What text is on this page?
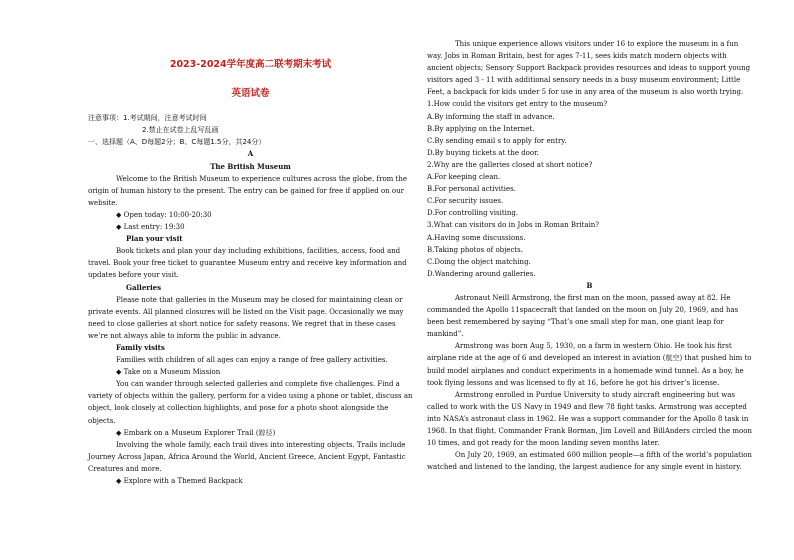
2023-2024学年度高二联考期末考试

英语试卷

注意事项：1.考试期间，注意考试时间

2.禁止在试卷上乱写乱画

一、选择题（A、D每题2分；B、C每题1.5分，共24分）

A

The British Museum

Welcome to the British Museum to experience cultures across the globe, from the origin of human history to the present. The entry can be gained for free if applied on our website.

◆ Open today: 10:00-20:30

◆ Last entry: 19:30

Plan your visit

Book tickets and plan your day including exhibitions, facilities, access, food and travel. Book your free ticket to guarantee Museum entry and receive key information and updates before your visit.

Galleries

Please note that galleries in the Museum may be closed for maintaining clean or private events. All planned closures will be listed on the Visit page. Occasionally we may need to close galleries at short notice for safety reasons. We regret that in these cases we’re not always able to inform the public in advance.

Family visits

Families with children of all ages can enjoy a range of free gallery activities.

◆ Take on a Museum Mission

You can wander through selected galleries and complete five challenges. Find a variety of objects within the gallery, perform for a video using a phone or tablet, discuss an object, look closely at collection highlights, and pose for a photo shoot alongside the objects.

◆ Embark on a Museum Explorer Trail (踪径)

Involving the whole family, each trail dives into interesting objects. Trails include Journey Across Japan, Africa Around the World, Ancient Greece, Ancient Egypt, Fantastic Creatures and more.

◆ Explore with a Themed Backpack

This unique experience allows visitors under 16 to explore the museum in a fun way. Jobs in Roman Britain, best for ages 7-11, sees kids match modern objects with ancient objects; Sensory Support Backpack provides resources and ideas to support young visitors aged 3 - 11 with additional sensory needs in a busy museum environment; Little Feet, a backpack for kids under 5 for use in any area of the museum is also worth trying.

1.How could the visitors get entry to the museum?

A.By informing the staff in advance.

B.By applying on the Internet.

C.By sending email s to apply for entry.

D.By buying tickets at the door.

2.Why are the galleries closed at short notice?

A.For keeping clean.

B.For personal activities.

C.For security issues.

D.For controlling visiting.

3.What can visitors do in Jobs in Roman Britain?

A.Having some discussions.

B.Taking photos of objects.

C.Doing the object matching.

D.Wandering around galleries.

B

Astronaut Neill Armstrong, the first man on the moon, passed away at 82. He commanded the Apollo 11spacecraft that landed on the moon on July 20, 1969, and has been best remembered by saying “That’s one small step for man, one giant leap for mankind”.

Armstrong was born Aug 5, 1930, on a farm in western Ohio. He took his first airplane ride at the age of 6 and developed an interest in aviation (航空) that pushed him to build model airplanes and conduct experiments in a homemade wind tunnel. As a boy, he took flying lessons and was licensed to fly at 16, before he got his driver’s license.

Armstrong enrolled in Purdue University to study aircraft engineering but was called to work with the US Navy in 1949 and flew 78 fight tasks. Armstrong was accepted into NASA’s astronaut class in 1962. He was a support commander for the Apollo 8 task in 1968. In that flight, Commander Frank Borman, Jim Lovell and BillAnders circled the moon 10 times, and got ready for the moon landing seven months later.

On July 20, 1969, an estimated 600 million people—a fifth of the world’s population watched and listened to the landing, the largest audience for any single event in history.
